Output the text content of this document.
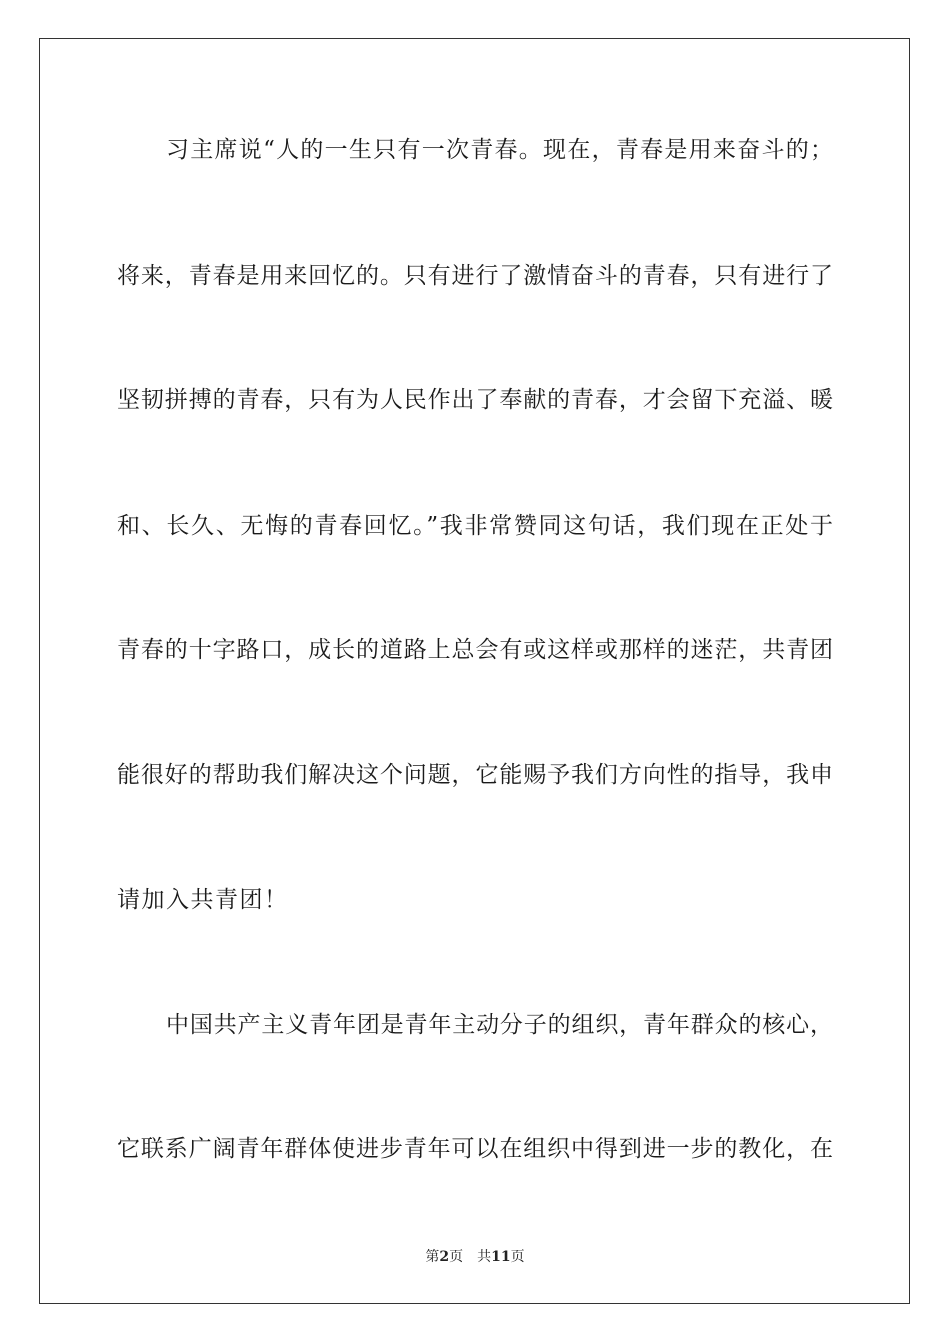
习主席说“人的一生只有一次青春。现在，青春是用来奋斗的；
将来，青春是用来回忆的。只有进行了激情奋斗的青春，只有进行了
坚韧拼搏的青春，只有为人民作出了奉献的青春，才会留下充溢、暖
和、长久、无悔的青春回忆。”我非常赞同这句话，我们现在正处于
青春的十字路口，成长的道路上总会有或这样或那样的迷茫，共青团
能很好的帮助我们解决这个问题，它能赐予我们方向性的指导，我申
请加入共青团！
中国共产主义青年团是青年主动分子的组织，青年群众的核心，
它联系广阔青年群体使进步青年可以在组织中得到进一步的教化，在
第2页 共11页
